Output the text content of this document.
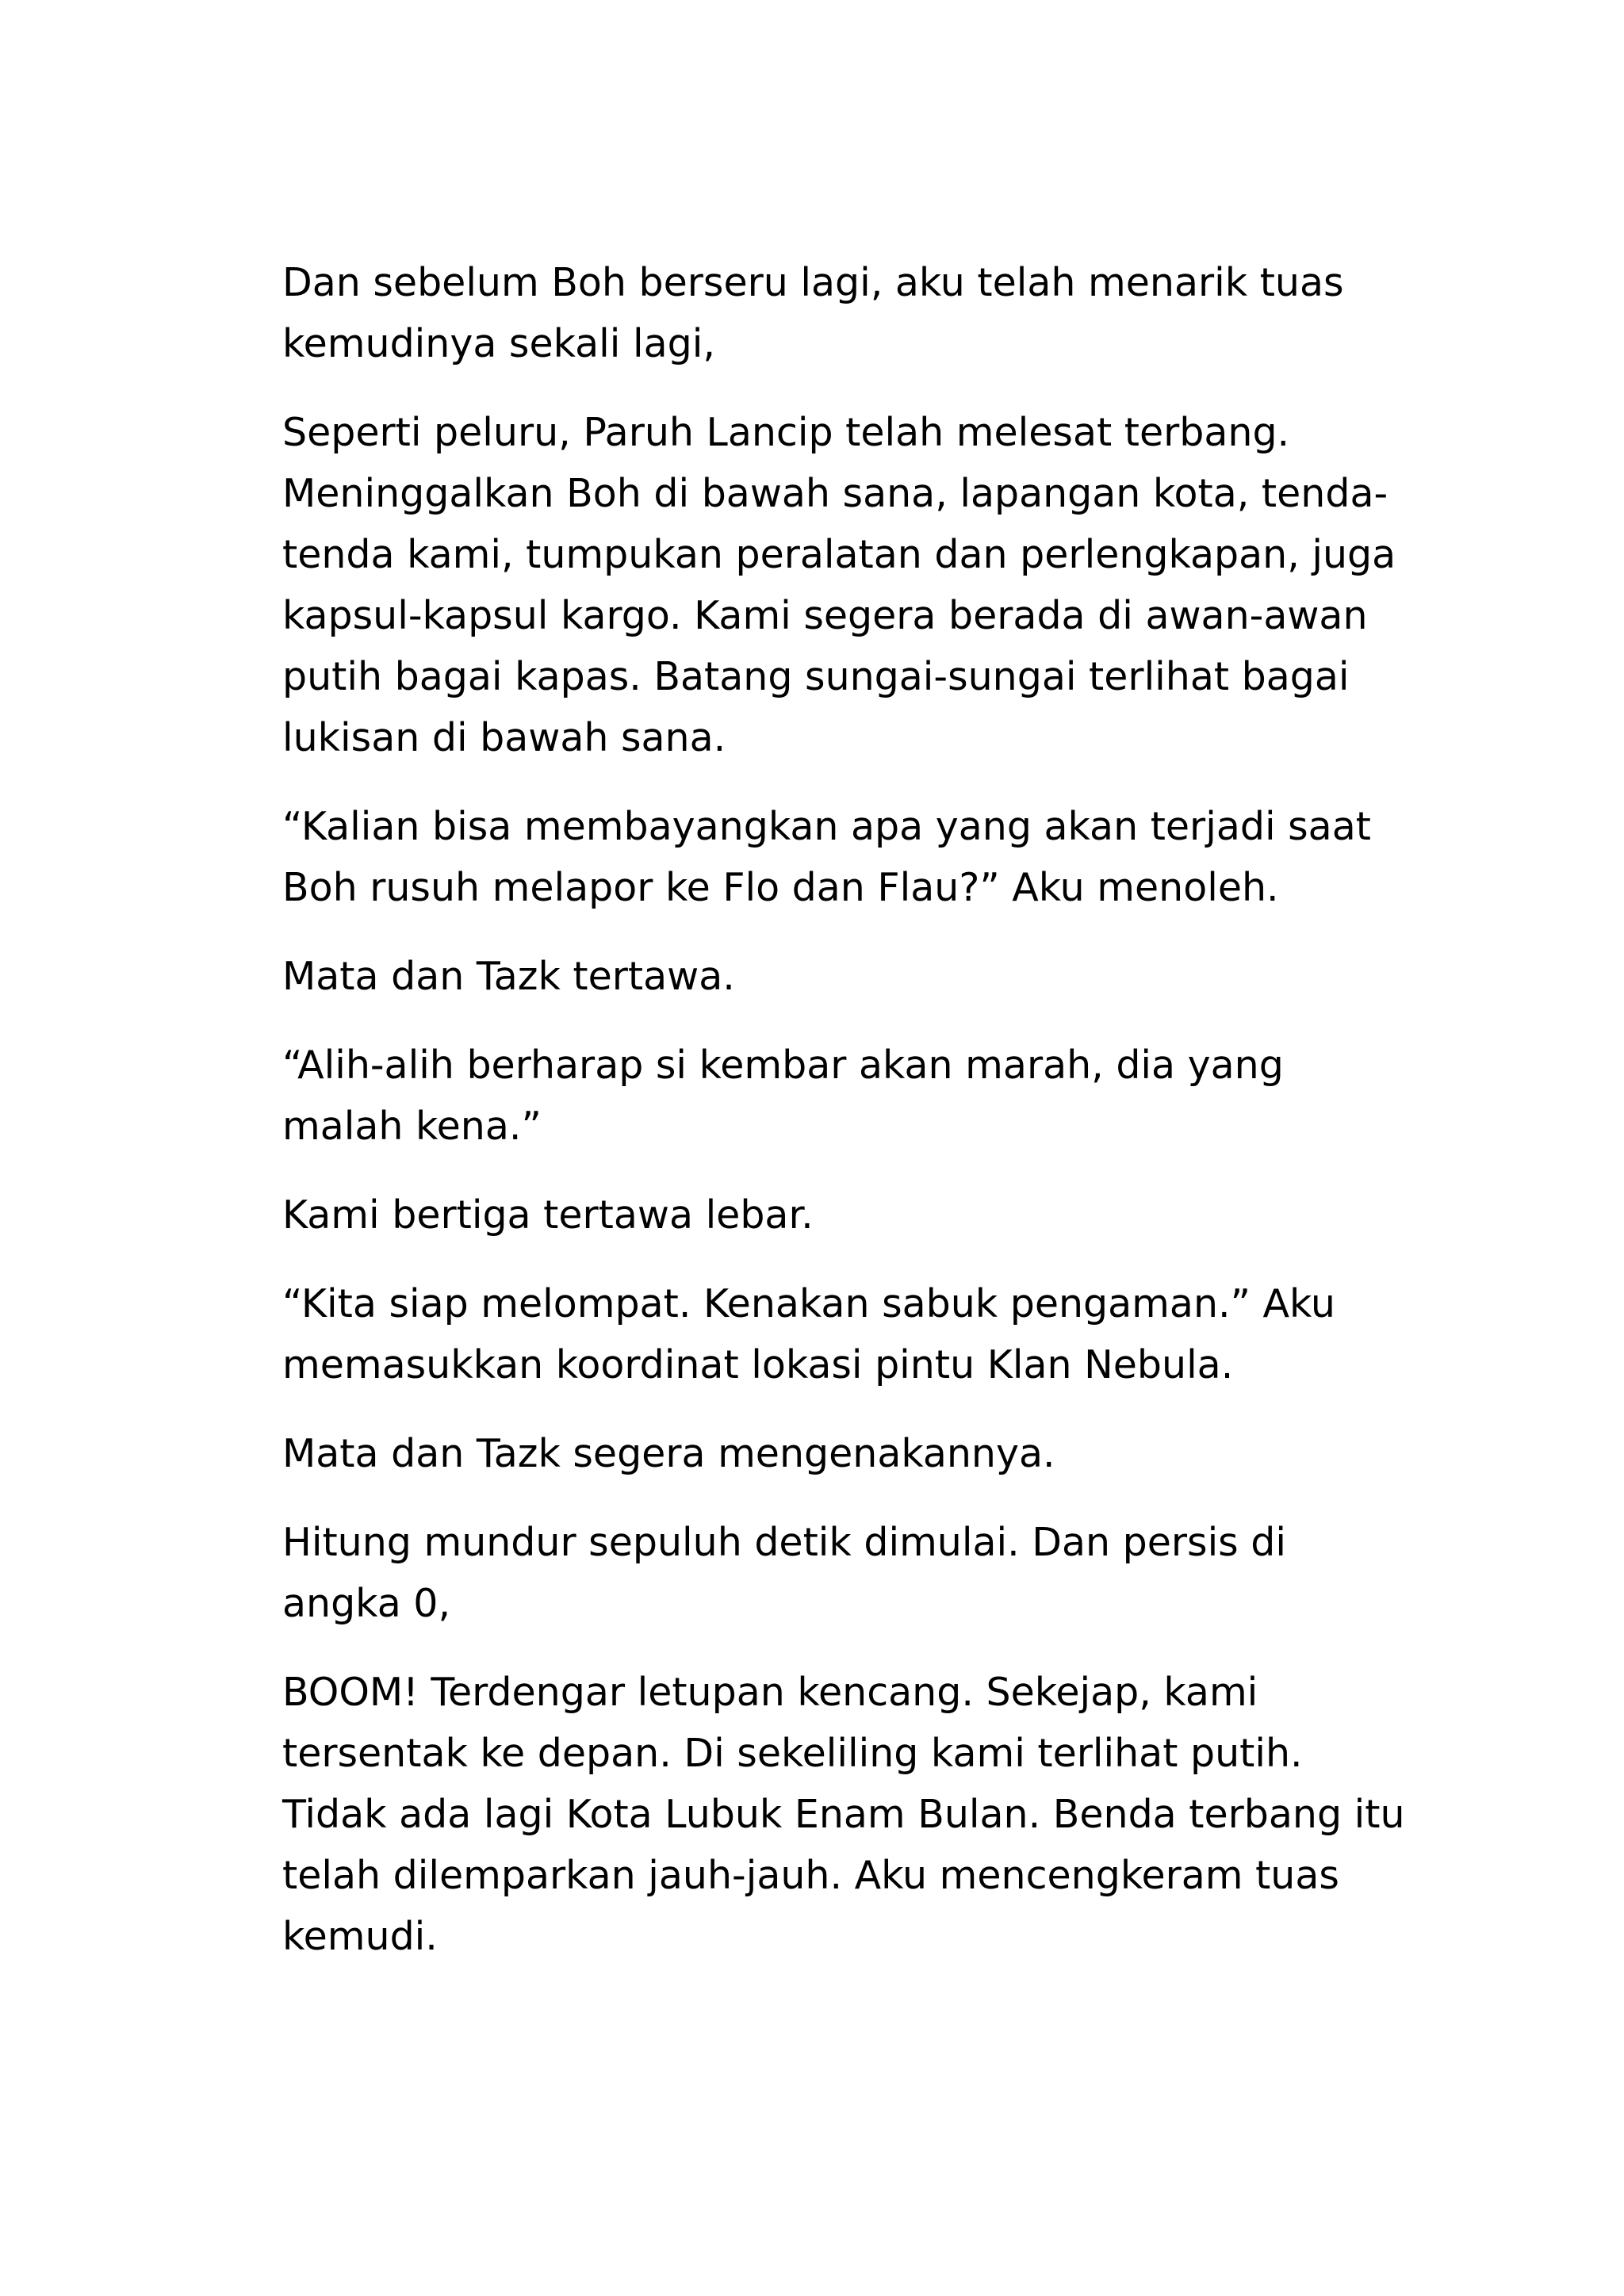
Dan sebelum Boh berseru lagi, aku telah menarik tuas
kemudinya sekali lagi,

Seperti peluru, Paruh Lancip telah melesat terbang.
Meninggalkan Boh di bawah sana, lapangan kota, tenda-
tenda kami, tumpukan peralatan dan perlengkapan, juga
kapsul-kapsul kargo. Kami segera berada di awan-awan
putih bagai kapas. Batang sungai-sungai terlihat bagai
lukisan di bawah sana.

“Kalian bisa membayangkan apa yang akan terjadi saat
Boh rusuh melapor ke Flo dan Flau?” Aku menoleh.

Mata dan Tazk tertawa.

“Alih-alih berharap si kembar akan marah, dia yang
malah kena.”

Kami bertiga tertawa lebar.

“Kita siap melompat. Kenakan sabuk pengaman.” Aku
memasukkan koordinat lokasi pintu Klan Nebula.

Mata dan Tazk segera mengenakannya.

Hitung mundur sepuluh detik dimulai. Dan persis di
angka 0,

BOOM! Terdengar letupan kencang. Sekejap, kami
tersentak ke depan. Di sekeliling kami terlihat putih.
Tidak ada lagi Kota Lubuk Enam Bulan. Benda terbang itu
telah dilemparkan jauh-jauh. Aku mencengkeram tuas
kemudi.
